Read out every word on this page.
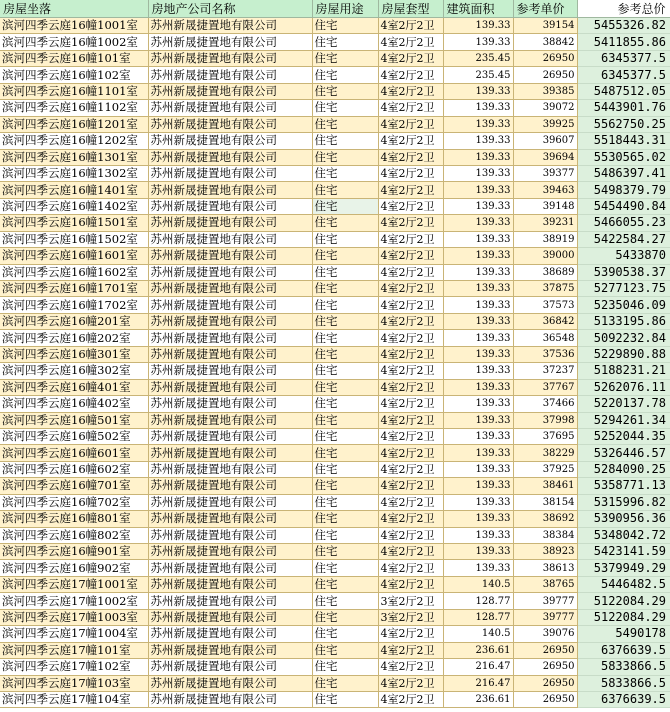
房屋坐落	房地产公司名称	房屋用途	房屋套型	建筑面积	参考单价	参考总价
滨河四季云庭16幢1001室	苏州新晟捷置地有限公司	住宅	4室2厅2卫	139.33	39154	5455326.82
滨河四季云庭16幢1002室	苏州新晟捷置地有限公司	住宅	4室2厅2卫	139.33	38842	5411855.86
滨河四季云庭16幢101室	苏州新晟捷置地有限公司	住宅	4室2厅2卫	235.45	26950	6345377.5
滨河四季云庭16幢102室	苏州新晟捷置地有限公司	住宅	4室2厅2卫	235.45	26950	6345377.5
滨河四季云庭16幢1101室	苏州新晟捷置地有限公司	住宅	4室2厅2卫	139.33	39385	5487512.05
滨河四季云庭16幢1102室	苏州新晟捷置地有限公司	住宅	4室2厅2卫	139.33	39072	5443901.76
滨河四季云庭16幢1201室	苏州新晟捷置地有限公司	住宅	4室2厅2卫	139.33	39925	5562750.25
滨河四季云庭16幢1202室	苏州新晟捷置地有限公司	住宅	4室2厅2卫	139.33	39607	5518443.31
滨河四季云庭16幢1301室	苏州新晟捷置地有限公司	住宅	4室2厅2卫	139.33	39694	5530565.02
滨河四季云庭16幢1302室	苏州新晟捷置地有限公司	住宅	4室2厅2卫	139.33	39377	5486397.41
滨河四季云庭16幢1401室	苏州新晟捷置地有限公司	住宅	4室2厅2卫	139.33	39463	5498379.79
滨河四季云庭16幢1402室	苏州新晟捷置地有限公司	住宅	4室2厅2卫	139.33	39148	5454490.84
滨河四季云庭16幢1501室	苏州新晟捷置地有限公司	住宅	4室2厅2卫	139.33	39231	5466055.23
滨河四季云庭16幢1502室	苏州新晟捷置地有限公司	住宅	4室2厅2卫	139.33	38919	5422584.27
滨河四季云庭16幢1601室	苏州新晟捷置地有限公司	住宅	4室2厅2卫	139.33	39000	5433870
滨河四季云庭16幢1602室	苏州新晟捷置地有限公司	住宅	4室2厅2卫	139.33	38689	5390538.37
滨河四季云庭16幢1701室	苏州新晟捷置地有限公司	住宅	4室2厅2卫	139.33	37875	5277123.75
滨河四季云庭16幢1702室	苏州新晟捷置地有限公司	住宅	4室2厅2卫	139.33	37573	5235046.09
滨河四季云庭16幢201室	苏州新晟捷置地有限公司	住宅	4室2厅2卫	139.33	36842	5133195.86
滨河四季云庭16幢202室	苏州新晟捷置地有限公司	住宅	4室2厅2卫	139.33	36548	5092232.84
滨河四季云庭16幢301室	苏州新晟捷置地有限公司	住宅	4室2厅2卫	139.33	37536	5229890.88
滨河四季云庭16幢302室	苏州新晟捷置地有限公司	住宅	4室2厅2卫	139.33	37237	5188231.21
滨河四季云庭16幢401室	苏州新晟捷置地有限公司	住宅	4室2厅2卫	139.33	37767	5262076.11
滨河四季云庭16幢402室	苏州新晟捷置地有限公司	住宅	4室2厅2卫	139.33	37466	5220137.78
滨河四季云庭16幢501室	苏州新晟捷置地有限公司	住宅	4室2厅2卫	139.33	37998	5294261.34
滨河四季云庭16幢502室	苏州新晟捷置地有限公司	住宅	4室2厅2卫	139.33	37695	5252044.35
滨河四季云庭16幢601室	苏州新晟捷置地有限公司	住宅	4室2厅2卫	139.33	38229	5326446.57
滨河四季云庭16幢602室	苏州新晟捷置地有限公司	住宅	4室2厅2卫	139.33	37925	5284090.25
滨河四季云庭16幢701室	苏州新晟捷置地有限公司	住宅	4室2厅2卫	139.33	38461	5358771.13
滨河四季云庭16幢702室	苏州新晟捷置地有限公司	住宅	4室2厅2卫	139.33	38154	5315996.82
滨河四季云庭16幢801室	苏州新晟捷置地有限公司	住宅	4室2厅2卫	139.33	38692	5390956.36
滨河四季云庭16幢802室	苏州新晟捷置地有限公司	住宅	4室2厅2卫	139.33	38384	5348042.72
滨河四季云庭16幢901室	苏州新晟捷置地有限公司	住宅	4室2厅2卫	139.33	38923	5423141.59
滨河四季云庭16幢902室	苏州新晟捷置地有限公司	住宅	4室2厅2卫	139.33	38613	5379949.29
滨河四季云庭17幢1001室	苏州新晟捷置地有限公司	住宅	4室2厅2卫	140.5	38765	5446482.5
滨河四季云庭17幢1002室	苏州新晟捷置地有限公司	住宅	3室2厅2卫	128.77	39777	5122084.29
滨河四季云庭17幢1003室	苏州新晟捷置地有限公司	住宅	3室2厅2卫	128.77	39777	5122084.29
滨河四季云庭17幢1004室	苏州新晟捷置地有限公司	住宅	4室2厅2卫	140.5	39076	5490178
滨河四季云庭17幢101室	苏州新晟捷置地有限公司	住宅	4室2厅2卫	236.61	26950	6376639.5
滨河四季云庭17幢102室	苏州新晟捷置地有限公司	住宅	4室2厅2卫	216.47	26950	5833866.5
滨河四季云庭17幢103室	苏州新晟捷置地有限公司	住宅	4室2厅2卫	216.47	26950	5833866.5
滨河四季云庭17幢104室	苏州新晟捷置地有限公司	住宅	4室2厅2卫	236.61	26950	6376639.5
